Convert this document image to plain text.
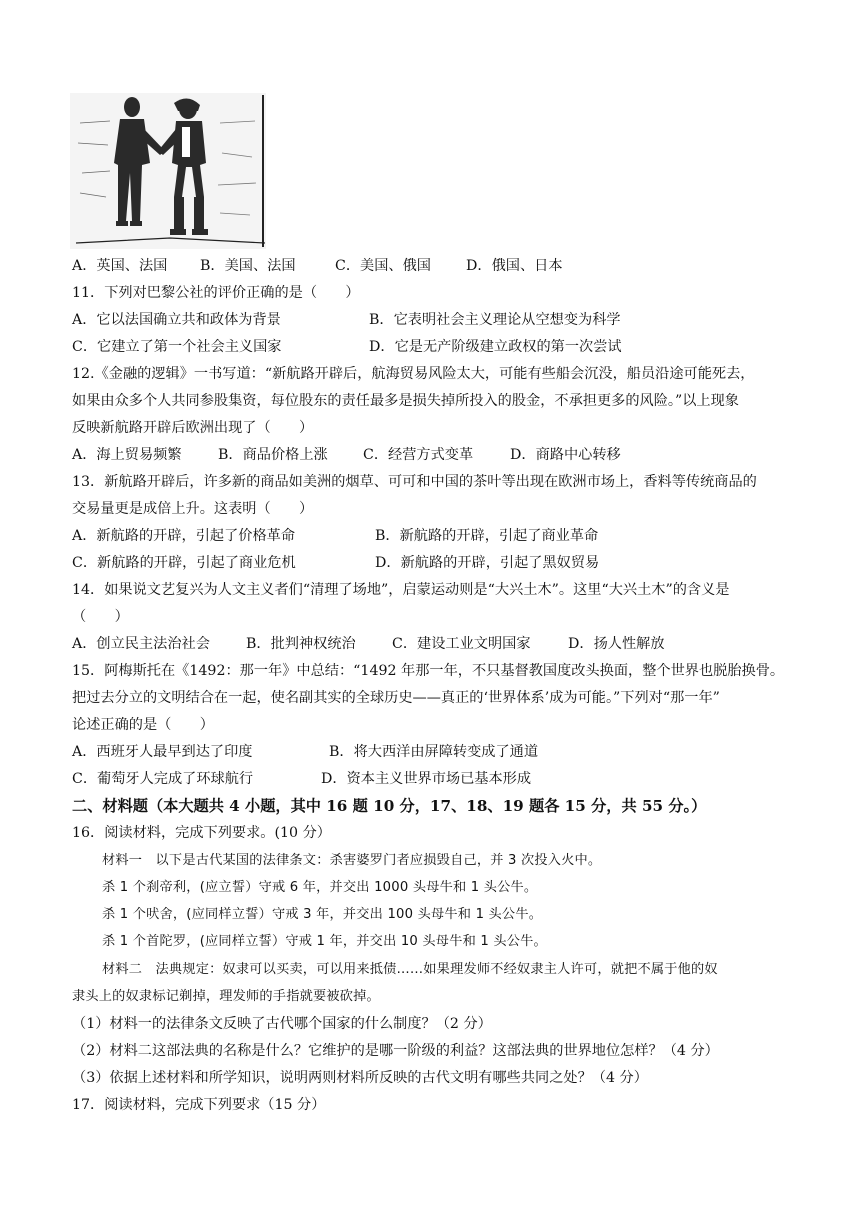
A．英国、法国 B．美国、法国	C．美国、俄国 D．俄国、日本
11．下列对巴黎公社的评价正确的是（　　）
A．它以法国确立共和政体为背景	B．它表明社会主义理论从空想变为科学
C．它建立了第一个社会主义国家	D．它是无产阶级建立政权的第一次尝试
12.《金融的逻辑》一书写道：“新航路开辟后，航海贸易风险太大，可能有些船会沉没，船员沿途可能死去，
如果由众多个人共同参股集资，每位股东的责任最多是损失掉所投入的股金，不承担更多的风险。”以上现象
反映新航路开辟后欧洲出现了（　　）
A．海上贸易频繁	B．商品价格上涨 C．经营方式变革	D．商路中心转移
13．新航路开辟后，许多新的商品如美洲的烟草、可可和中国的茶叶等出现在欧洲市场上，香料等传统商品的
交易量更是成倍上升。这表明（　　）
A．新航路的开辟，引起了价格革命	B．新航路的开辟，引起了商业革命
C．新航路的开辟，引起了商业危机	D．新航路的开辟，引起了黑奴贸易
14．如果说文艺复兴为人文主义者们“清理了场地”，启蒙运动则是“大兴土木”。这里“大兴土木”的含义是
（　　）
A．创立民主法治社会	B．批判神权统治	C．建设工业文明国家	D．扬人性解放
15．阿梅斯托在《1492：那一年》中总结：“1492 年那一年，不只基督教国度改头换面，整个世界也脱胎换骨。
把过去分立的文明结合在一起，使名副其实的全球历史——真正的‘世界体系’成为可能。”下列对“那一年”
论述正确的是（　　）
A．西班牙人最早到达了印度	B．将大西洋由屏障转变成了通道
C．葡萄牙人完成了环球航行	D．资本主义世界市场已基本形成
二、材料题（本大题共 4 小题，其中 16 题 10 分，17、18、19 题各 15 分，共 55 分。）
16．阅读材料，完成下列要求。(10 分）
材料一　以下是古代某国的法律条文：杀害婆罗门者应损毁自己，并 3 次投入火中。
杀 1 个刹帝利，(应立誓）守戒 6 年，并交出 1000 头母牛和 1 头公牛。
杀 1 个吠舍，(应同样立誓）守戒 3 年，并交出 100 头母牛和 1 头公牛。
杀 1 个首陀罗，(应同样立誓）守戒 1 年，并交出 10 头母牛和 1 头公牛。
材料二　法典规定：奴隶可以买卖，可以用来抵债……如果理发师不经奴隶主人许可，就把不属于他的奴
隶头上的奴隶标记剃掉，理发师的手指就要被砍掉。
（1）材料一的法律条文反映了古代哪个国家的什么制度？（2 分）
（2）材料二这部法典的名称是什么？它维护的是哪一阶级的利益？这部法典的世界地位怎样？（4 分）
（3）依据上述材料和所学知识，说明两则材料所反映的古代文明有哪些共同之处？（4 分）
17．阅读材料，完成下列要求（15 分）
